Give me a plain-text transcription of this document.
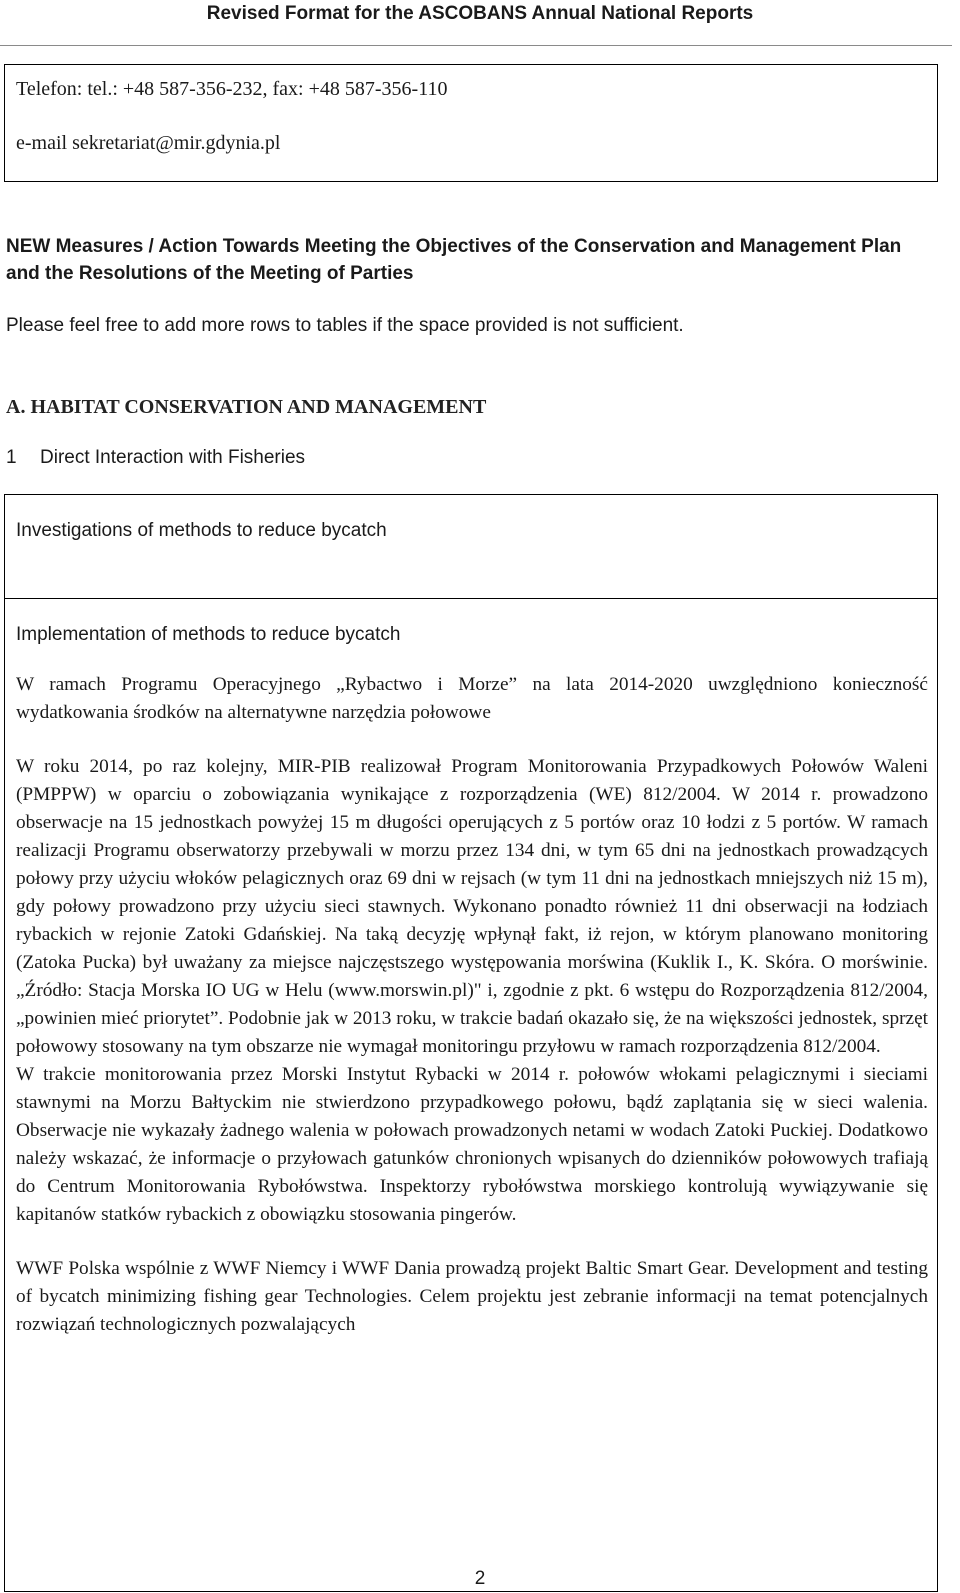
Revised Format for the ASCOBANS Annual National Reports
Telefon: tel.: +48 587-356-232, fax: +48 587-356-110
e-mail sekretariat@mir.gdynia.pl
NEW Measures / Action Towards Meeting the Objectives of the Conservation and Management Plan and the Resolutions of the Meeting of Parties
Please feel free to add more rows to tables if the space provided is not sufficient.
A. HABITAT CONSERVATION AND MANAGEMENT
1 Direct Interaction with Fisheries
Investigations of methods to reduce bycatch
Implementation of methods to reduce bycatch

W ramach Programu Operacyjnego „Rybactwo i Morze” na lata 2014-2020 uwzględniono konieczność wydatkowania środków na alternatywne narzędzia połowowe

W roku 2014, po raz kolejny, MIR-PIB realizował Program Monitorowania Przypadkowych Połowów Waleni (PMPPW) w oparciu o zobowiązania wynikające z rozporządzenia (WE) 812/2004. W 2014 r. prowadzono obserwacje na 15 jednostkach powyżej 15 m długości operujących z 5 portów oraz 10 łodzi z 5 portów. W ramach realizacji Programu obserwatorzy przebywali w morzu przez 134 dni, w tym 65 dni na jednostkach prowadzących połowy przy użyciu włoków pelagicznych oraz 69 dni w rejsach (w tym 11 dni na jednostkach mniejszych niż 15 m), gdy połowy prowadzono przy użyciu sieci stawnych. Wykonano ponadto również 11 dni obserwacji na łodziach rybackich w rejonie Zatoki Gdańskiej. Na taką decyzję wpłynął fakt, iż rejon, w którym planowano monitoring (Zatoka Pucka) był uważany za miejsce najczęstszego występowania morświna (Kuklik I., K. Skóra. O morświnie. „Źródło: Stacja Morska IO UG w Helu (www.morswin.pl)" i, zgodnie z pkt. 6 wstępu do Rozporządzenia 812/2004, „powinien mieć priorytet”. Podobnie jak w 2013 roku, w trakcie badań okazało się, że na większości jednostek, sprzęt połowowy stosowany na tym obszarze nie wymagał monitoringu przyłowu w ramach rozporządzenia 812/2004.

W trakcie monitorowania przez Morski Instytut Rybacki w 2014 r. połowów włokami pelagicznymi i sieciami stawnymi na Morzu Bałtyckim nie stwierdzono przypadkowego połowu, bądź zaplątania się w sieci walenia. Obserwacje nie wykazały żadnego walenia w połowach prowadzonych netami w wodach Zatoki Puckiej. Dodatkowo należy wskazać, że informacje o przyłowach gatunków chronionych wpisanych do dzienników połowowych trafiają do Centrum Monitorowania Rybołówstwa. Inspektorzy rybołówstwa morskiego kontrolują wywiązywanie się kapitanów statków rybackich z obowiązku stosowania pingerów.

WWF Polska wspólnie z WWF Niemcy i WWF Dania prowadzą projekt Baltic Smart Gear. Development and testing of bycatch minimizing fishing gear Technologies. Celem projektu jest zebranie informacji na temat potencjalnych rozwiązań technologicznych pozwalających

2
